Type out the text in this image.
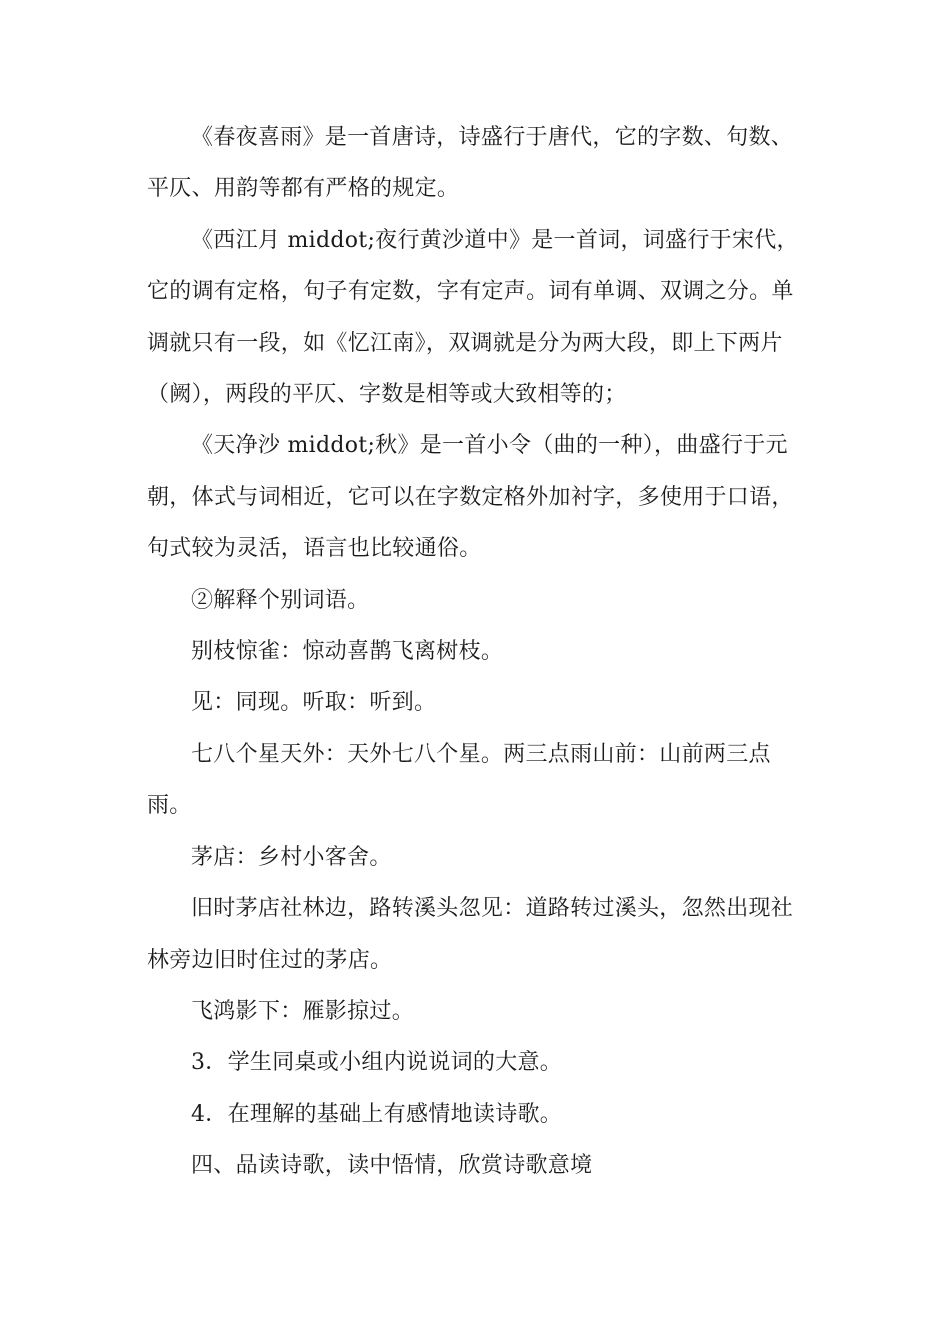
《春夜喜雨》是一首唐诗，诗盛行于唐代，它的字数、句数、平仄、用韵等都有严格的规定。

《西江月 middot;夜行黄沙道中》是一首词，词盛行于宋代，它的调有定格，句子有定数，字有定声。词有单调、双调之分。单调就只有一段，如《忆江南》，双调就是分为两大段，即上下两片（阙），两段的平仄、字数是相等或大致相等的；

《天净沙 middot;秋》是一首小令（曲的一种），曲盛行于元朝，体式与词相近，它可以在字数定格外加衬字，多使用于口语，句式较为灵活，语言也比较通俗。

②解释个别词语。

别枝惊雀：惊动喜鹊飞离树枝。

见：同现。听取：听到。

七八个星天外：天外七八个星。两三点雨山前：山前两三点雨。

茅店：乡村小客舍。

旧时茅店社林边，路转溪头忽见：道路转过溪头，忽然出现社林旁边旧时住过的茅店。

飞鸿影下：雁影掠过。

3．学生同桌或小组内说说词的大意。

4．在理解的基础上有感情地读诗歌。

四、品读诗歌，读中悟情，欣赏诗歌意境
